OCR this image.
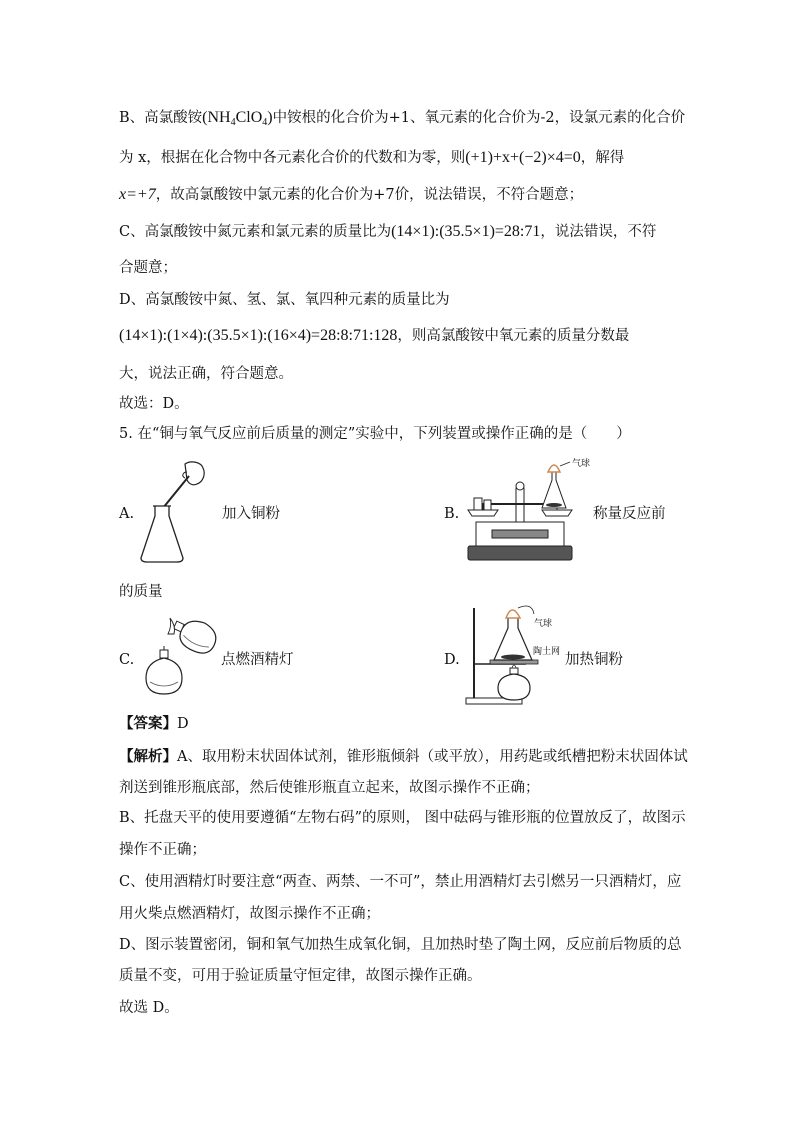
B、高氯酸铵$(NH_4ClO_4)$中铵根的化合价为+1、氧元素的化合价为-2，设氯元素的化合价
为 x，根据在化合物中各元素化合价的代数和为零，则(+1)+x+(−2)×4=0，解得
x=+7，故高氯酸铵中氯元素的化合价为+7价，说法错误，不符合题意；
C、高氯酸铵中氮元素和氯元素的质量比为(14×1):(35.5×1)=28:71，说法错误，不符
合题意；
D、高氯酸铵中氮、氢、氯、氧四种元素的质量比为
(14×1):(1×4):(35.5×1):(16×4)=28:8:71:128，则高氯酸铵中氧元素的质量分数最
大，说法正确，符合题意。
故选：D。
5. 在“铜与氧气反应前后质量的测定”实验中，下列装置或操作正确的是（　　）
A.	加入铜粉	B.
气球
称量反应前
的质量
C.	点燃酒精灯	D.
气球
陶土网 加热铜粉
【答案】D
【解析】A、取用粉末状固体试剂，锥形瓶倾斜（或平放），用药匙或纸槽把粉末状固体试
剂送到锥形瓶底部，然后使锥形瓶直立起来，故图示操作不正确；
B、托盘天平的使用要遵循“左物右码”的原则， 图中砝码与锥形瓶的位置放反了，故图示
操作不正确；
C、使用酒精灯时要注意“两查、两禁、一不可”，禁止用酒精灯去引燃另一只酒精灯，应
用火柴点燃酒精灯，故图示操作不正确；
D、图示装置密闭，铜和氧气加热生成氧化铜，且加热时垫了陶土网，反应前后物质的总
质量不变，可用于验证质量守恒定律，故图示操作正确。
故选 D。
